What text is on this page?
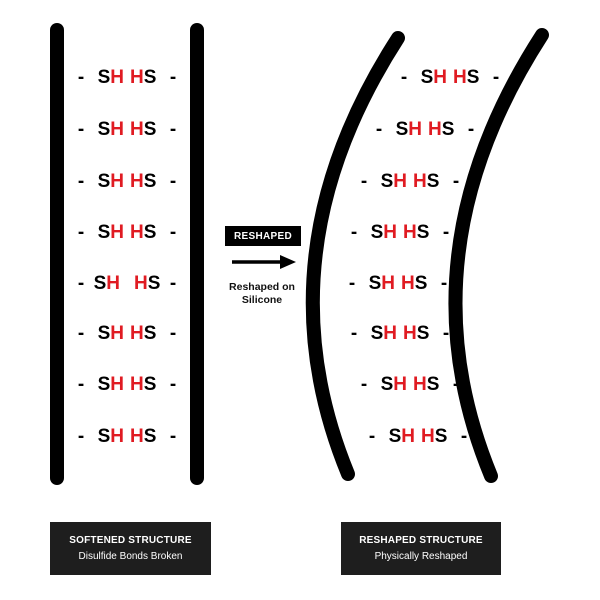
- SH HS -	- SH HS -
- SH HS -	- SH HS -
- SH HS -	- SH HS -
- SH HS -	- SH HS -
- SH HS -	- SH HS -
- SH HS -	- SH HS -
- SH HS -	- SH HS -
- SH HS -	- SH HS -
RESHAPED
Reshaped on
Silicone
SOFTENED STRUCTURE
Disulfide Bonds Broken
RESHAPED STRUCTURE
Physically Reshaped
